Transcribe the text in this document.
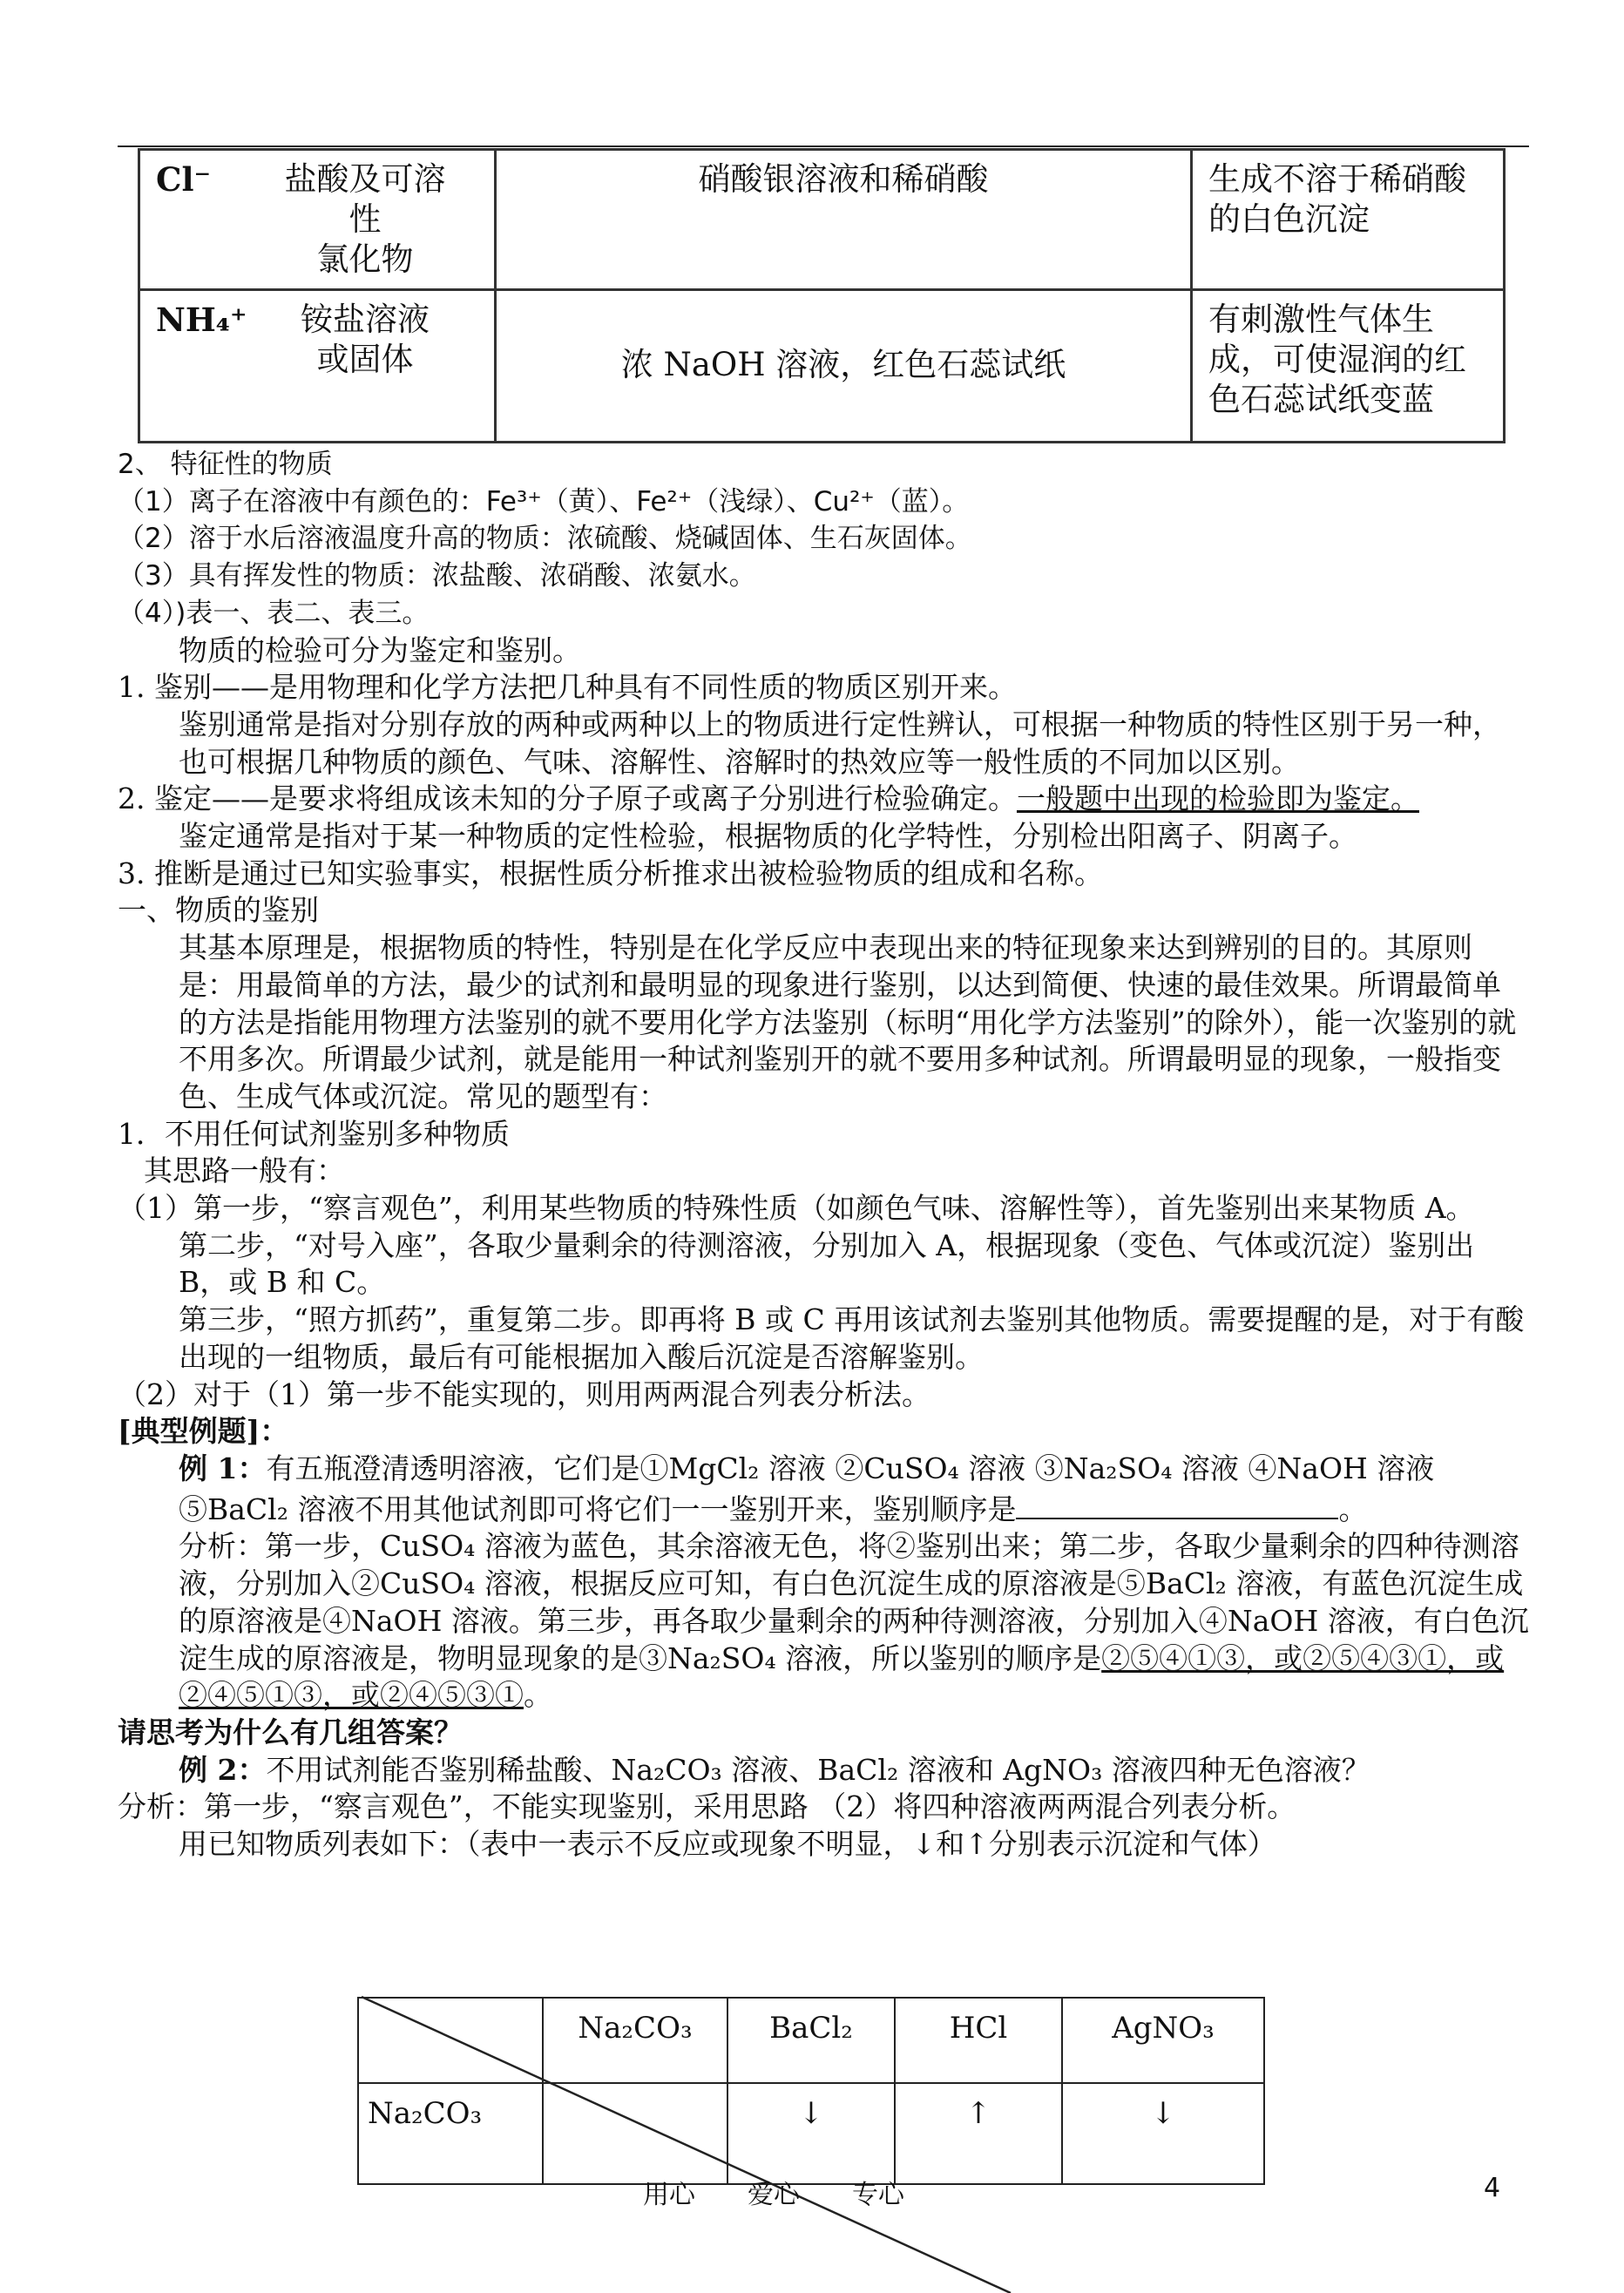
Cl⁻ 盐酸及可溶性
氯化物	硝酸银溶液和稀硝酸	生成不溶于稀硝酸的白色沉淀
NH₄⁺ 铵盐溶液
或固体	浓 NaOH 溶液，红色石蕊试纸	有刺激性气体生成，可使湿润的红色石蕊试纸变蓝

2、 特征性的物质

（1）离子在溶液中有颜色的：Fe³⁺（黄）、Fe²⁺（浅绿）、Cu²⁺（蓝）。

（2）溶于水后溶液温度升高的物质：浓硫酸、烧碱固体、生石灰固体。

（3）具有挥发性的物质：浓盐酸、浓硝酸、浓氨水。

（4）)表一、表二、表三。

物质的检验可分为鉴定和鉴别。

1. 鉴别——是用物理和化学方法把几种具有不同性质的物质区别开来。

鉴别通常是指对分别存放的两种或两种以上的物质进行定性辨认，可根据一种物质的特性区别于另一种，也可根据几种物质的颜色、气味、溶解性、溶解时的热效应等一般性质的不同加以区别。

2. 鉴定——是要求将组成该未知的分子原子或离子分别进行检验确定。一般题中出现的检验即为鉴定。

鉴定通常是指对于某一种物质的定性检验，根据物质的化学特性，分别检出阳离子、阴离子。

3. 推断是通过已知实验事实，根据性质分析推求出被检验物质的组成和名称。

一、物质的鉴别

其基本原理是，根据物质的特性，特别是在化学反应中表现出来的特征现象来达到辨别的目的。其原则是：用最简单的方法，最少的试剂和最明显的现象进行鉴别，以达到简便、快速的最佳效果。所谓最简单的方法是指能用物理方法鉴别的就不要用化学方法鉴别（标明“用化学方法鉴别”的除外），能一次鉴别的就不用多次。所谓最少试剂，就是能用一种试剂鉴别开的就不要用多种试剂。所谓最明显的现象，一般指变色、生成气体或沉淀。常见的题型有：

1．不用任何试剂鉴别多种物质

其思路一般有：

（1）第一步，“察言观色”，利用某些物质的特殊性质（如颜色气味、溶解性等），首先鉴别出来某物质 A。

第二步，“对号入座”，各取少量剩余的待测溶液，分别加入 A，根据现象（变色、气体或沉淀）鉴别出 B，或 B 和 C。

第三步，“照方抓药”，重复第二步。即再将 B 或 C 再用该试剂去鉴别其他物质。需要提醒的是，对于有酸出现的一组物质，最后有可能根据加入酸后沉淀是否溶解鉴别。

（2）对于（1）第一步不能实现的，则用两两混合列表分析法。

[典型例题]：

例 1：有五瓶澄清透明溶液，它们是①MgCl₂ 溶液 ②CuSO₄ 溶液 ③Na₂SO₄ 溶液 ④NaOH 溶液 ⑤BaCl₂ 溶液不用其他试剂即可将它们一一鉴别开来，鉴别顺序是	。

分析：第一步，CuSO₄ 溶液为蓝色，其余溶液无色，将②鉴别出来；第二步，各取少量剩余的四种待测溶液，分别加入②CuSO₄ 溶液，根据反应可知，有白色沉淀生成的原溶液是⑤BaCl₂ 溶液，有蓝色沉淀生成的原溶液是④NaOH 溶液。第三步，再各取少量剩余的两种待测溶液，分别加入④NaOH 溶液，有白色沉淀生成的原溶液是，物明显现象的是③Na₂SO₄ 溶液，所以鉴别的顺序是②⑤④①③，或②⑤④③①，或②④⑤①③，或②④⑤③①。

请思考为什么有几组答案？

例 2：不用试剂能否鉴别稀盐酸、Na₂CO₃ 溶液、BaCl₂ 溶液和 AgNO₃ 溶液四种无色溶液？

分析：第一步，“察言观色”，不能实现鉴别，采用思路 （2）将四种溶液两两混合列表分析。

用已知物质列表如下：（表中一表示不反应或现象不明显，↓和↑分别表示沉淀和气体）

	Na₂CO₃	BaCl₂	HCl	AgNO₃
Na₂CO₃		↓	↑	↓
用心 爱心 专心	4
